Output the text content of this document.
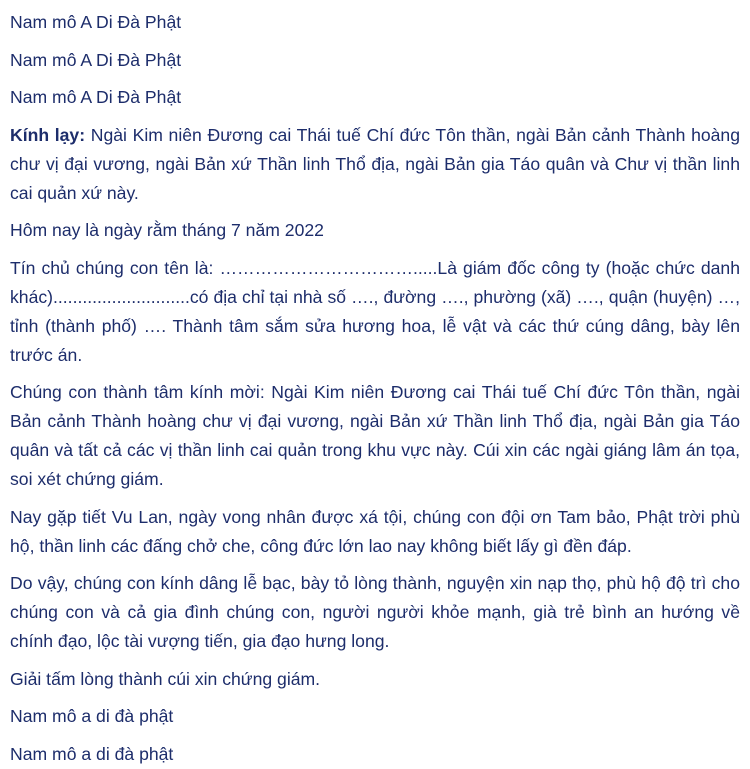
Nam mô A Di Đà Phật

Nam mô A Di Đà Phật

Nam mô A Di Đà Phật

Kính lạy: Ngài Kim niên Đương cai Thái tuế Chí đức Tôn thần, ngài Bản cảnh Thành hoàng chư vị đại vương, ngài Bản xứ Thần linh Thổ địa, ngài Bản gia Táo quân và Chư vị thần linh cai quản xứ này.

Hôm nay là ngày rằm tháng 7 năm 2022

Tín chủ chúng con tên là: …………………………….....Là giám đốc công ty (hoặc chức danh khác)............................có địa chỉ tại nhà số …., đường …., phường (xã) …., quận (huyện) …, tỉnh (thành phố) …. Thành tâm sắm sửa hương hoa, lễ vật và các thứ cúng dâng, bày lên trước án.

Chúng con thành tâm kính mời: Ngài Kim niên Đương cai Thái tuế Chí đức Tôn thần, ngài Bản cảnh Thành hoàng chư vị đại vương, ngài Bản xứ Thần linh Thổ địa, ngài Bản gia Táo quân và tất cả các vị thần linh cai quản trong khu vực này. Cúi xin các ngài giáng lâm án tọa, soi xét chứng giám.

Nay gặp tiết Vu Lan, ngày vong nhân được xá tội, chúng con đội ơn Tam bảo, Phật trời phù hộ, thần linh các đấng chở che, công đức lớn lao nay không biết lấy gì đền đáp.

Do vậy, chúng con kính dâng lễ bạc, bày tỏ lòng thành, nguyện xin nạp thọ, phù hộ độ trì cho chúng con và cả gia đình chúng con, người người khỏe mạnh, già trẻ bình an hướng về chính đạo, lộc tài vượng tiến, gia đạo hưng long.

Giải tấm lòng thành cúi xin chứng giám.

Nam mô a di đà phật

Nam mô a di đà phật
